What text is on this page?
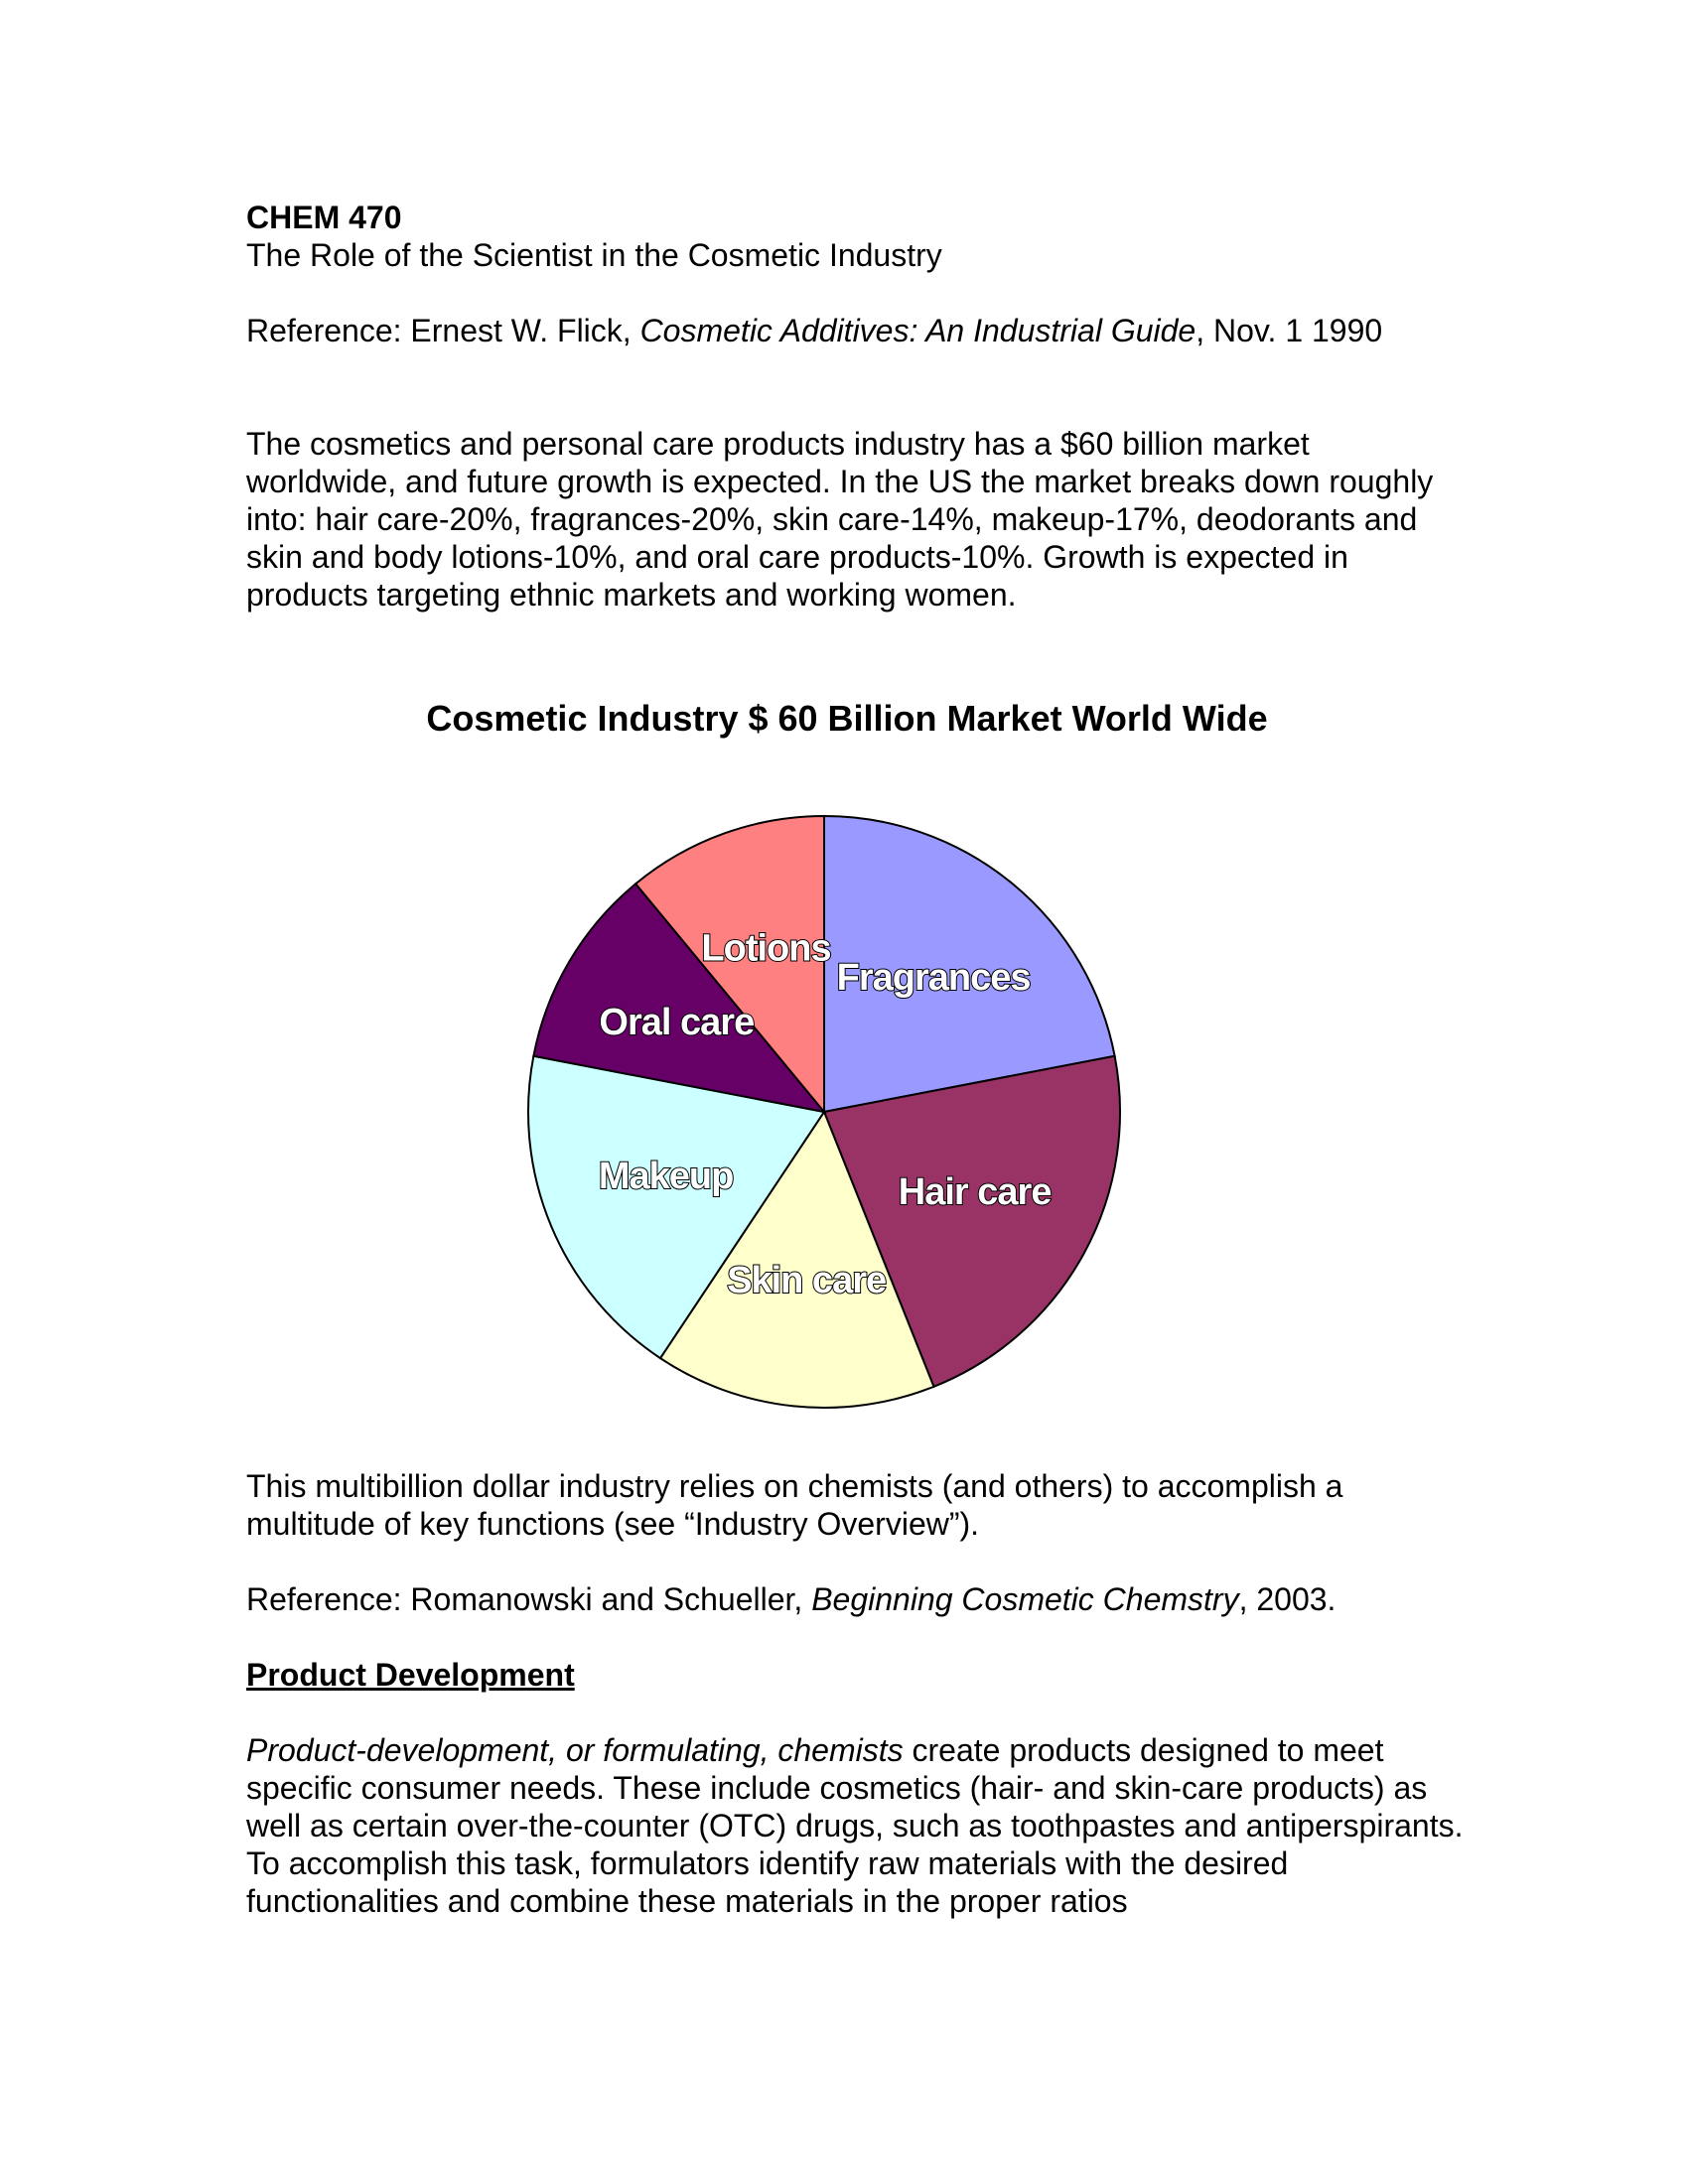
CHEM 470
The Role of the Scientist in the Cosmetic Industry
Reference: Ernest W. Flick, Cosmetic Additives: An Industrial Guide, Nov. 1 1990
The cosmetics and personal care products industry has a $60 billion market worldwide, and future growth is expected. In the US the market breaks down roughly into: hair care-20%, fragrances-20%, skin care-14%, makeup-17%, deodorants and skin and body lotions-10%, and oral care products-10%. Growth is expected in products targeting ethnic markets and working women.
Cosmetic Industry $ 60 Billion Market World Wide
Fragrances
Hair care
Skin care
Makeup
Oral care
Lotions
This multibillion dollar industry relies on chemists (and others) to accomplish a multitude of key functions (see “Industry Overview”).
Reference: Romanowski and Schueller, Beginning Cosmetic Chemstry, 2003.
Product Development
Product-development, or formulating, chemists create products designed to meet specific consumer needs. These include cosmetics (hair- and skin-care products) as well as certain over-the-counter (OTC) drugs, such as toothpastes and antiperspirants. To accomplish this task, formulators identify raw materials with the desired functionalities and combine these materials in the proper ratios
